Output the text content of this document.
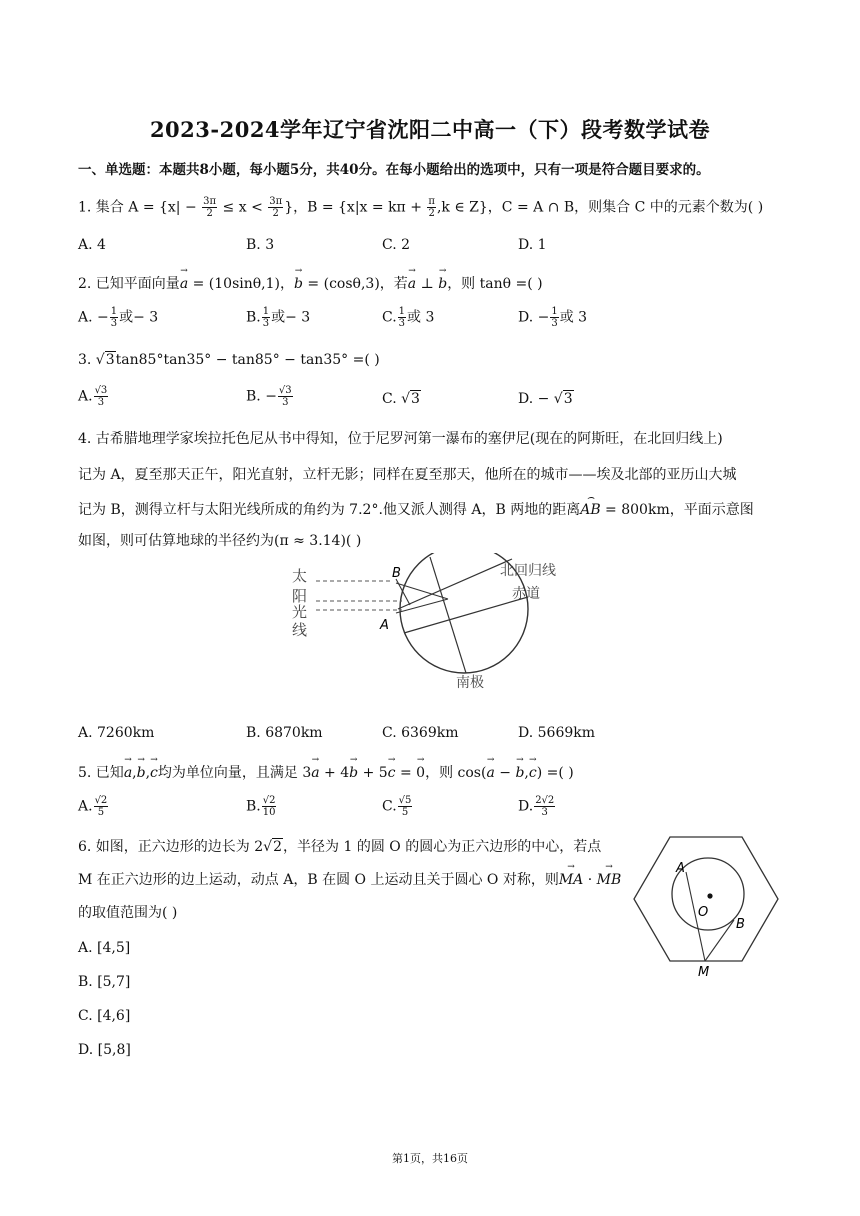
2023-2024学年辽宁省沈阳二中高一（下）段考数学试卷
一、单选题：本题共8小题，每小题5分，共40分。在每小题给出的选项中，只有一项是符合题目要求的。
1. 集合 $A = \{x| - \frac{3\pi}{2} \le x < \frac{3\pi}{2}$ }，$B = \{x|x = k\pi + \frac{\pi}{2} ,k$ ∈ Z}，C = A ∩ B，则集合 C 中的元素个数为( )
A. 4	B. 3	C. 2	D. 1
2. 已知平面向量→ a = (10sinθ,1)，→ b = (cosθ,3)，若→ a ⊥ → b，则 tanθ =( )
A. − $\frac{1}{3}$ 或− 3	B. $\frac{1}{3}$ 或− 3	C. $\frac{1}{3}$ 或 3	D. − $\frac{1}{3}$ 或 3
3. √3tan85°tan35° − tan85° − tan35° =( )
A. $\frac{√3}{3}$	B. − $\frac{√3}{3}$	C. √3	D. − √3
4. 古希腊地理学家埃拉托色尼从书中得知，位于尼罗河第一瀑布的塞伊尼(现在的阿斯旺，在北回归线上)
记为 A，夏至那天正午，阳光直射，立杆无影；同样在夏至那天，他所在的城市——埃及北部的亚历山大城
记为 B，测得立杆与太阳光线所成的角约为 7.2°.他又派人测得 A，B 两地的距离⌢ AB = 800km，平面示意图
如图，则可估算地球的半径约为(π ≈ 3.14)( )
B
A
太
阳
光
线
北回归线
赤道
南极
A. 7260km	B. 6870km	C. 6369km	D. 5669km
5. 已知→ a,→ b,→ c均为单位向量，且满足 3→ a + 4→ b + 5→ c = → 0，则 cos(→ a − → b,→ c) =( )
A. $\frac{√2}{5}$	B. $\frac{√2}{10}$	C. $\frac{√5}{5}$	D. $\frac{2√2}{3}$
6. 如图，正六边形的边长为 2√2，半径为 1 的圆 O 的圆心为正六边形的中心，若点
M 在正六边形的边上运动，动点 A，B 在圆 O 上运动且关于圆心 O 对称，则→ MA · → MB
的取值范围为( )
A. [4,5]
B. [5,7]
C. [4,6]
D. [5,8]
A
O
B
M
第1页，共16页
